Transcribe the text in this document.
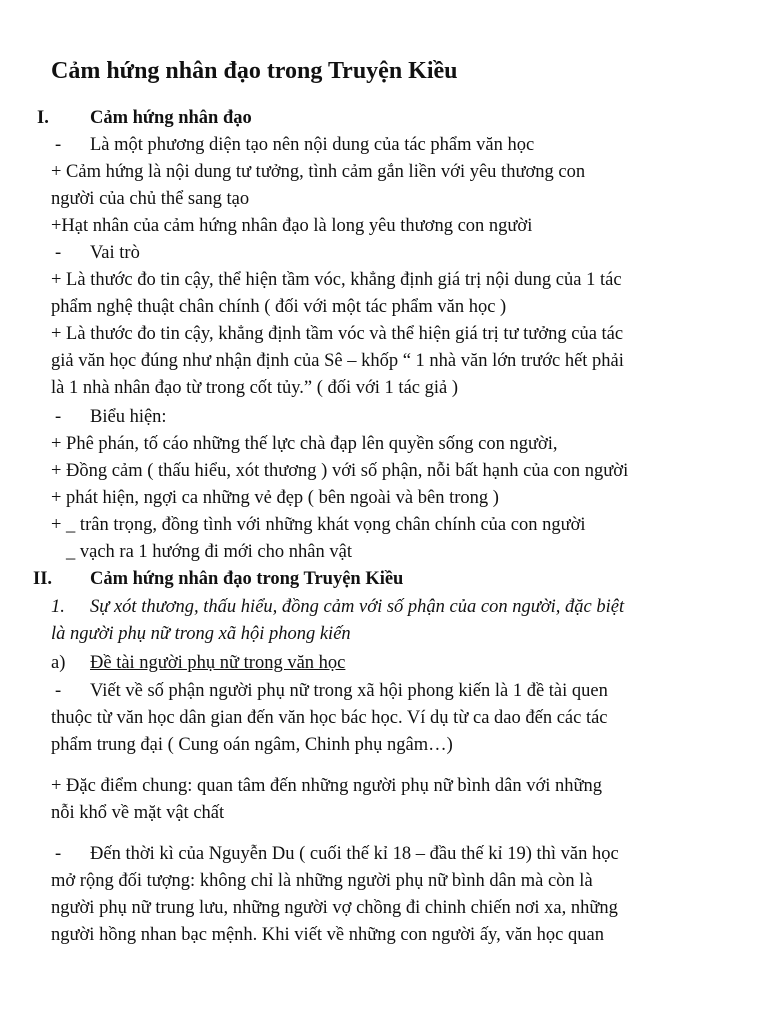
Cảm hứng nhân đạo trong Truyện Kiều
I. Cảm hứng nhân đạo
- Là một phương diện tạo nên nội dung của tác phẩm văn học
+ Cảm hứng là nội dung tư tưởng, tình cảm gắn liền với yêu thương con
người của chủ thể sang tạo
+Hạt nhân của cảm hứng nhân đạo là long yêu thương con người
- Vai trò
+ Là thước đo tin cậy, thể hiện tầm vóc, khẳng định giá trị nội dung của 1 tác
phẩm nghệ thuật chân chính ( đối với một tác phẩm văn học )
+ Là thước đo tin cậy, khẳng định tầm vóc và thể hiện giá trị tư tưởng của tác
giả văn học đúng như nhận định của Sê – khốp “ 1 nhà văn lớn trước hết phải
là 1 nhà nhân đạo từ trong cốt tủy.” ( đối với 1 tác giả )
- Biểu hiện:
+ Phê phán, tố cáo những thế lực chà đạp lên quyền sống con người,
+ Đồng cảm ( thấu hiểu, xót thương ) với số phận, nỗi bất hạnh của con người
+ phát hiện, ngợi ca những vẻ đẹp ( bên ngoài và bên trong )
+ _ trân trọng, đồng tình với những khát vọng chân chính của con người
_ vạch ra 1 hướng đi mới cho nhân vật
II. Cảm hứng nhân đạo trong Truyện Kiều
1. Sự xót thương, thấu hiểu, đồng cảm với số phận của con người, đặc biệt
là người phụ nữ trong xã hội phong kiến
a) Đề tài người phụ nữ trong văn học
- Viết về số phận người phụ nữ trong xã hội phong kiến là 1 đề tài quen
thuộc từ văn học dân gian đến văn học bác học. Ví dụ từ ca dao đến các tác
phẩm trung đại ( Cung oán ngâm, Chinh phụ ngâm…)
+ Đặc điểm chung: quan tâm đến những người phụ nữ bình dân với những
nỗi khổ về mặt vật chất
- Đến thời kì của Nguyễn Du ( cuối thế kỉ 18 – đầu thế kỉ 19) thì văn học
mở rộng đối tượng: không chỉ là những người phụ nữ bình dân mà còn là
người phụ nữ trung lưu, những người vợ chồng đi chinh chiến nơi xa, những
người hồng nhan bạc mệnh. Khi viết về những con người ấy, văn học quan
